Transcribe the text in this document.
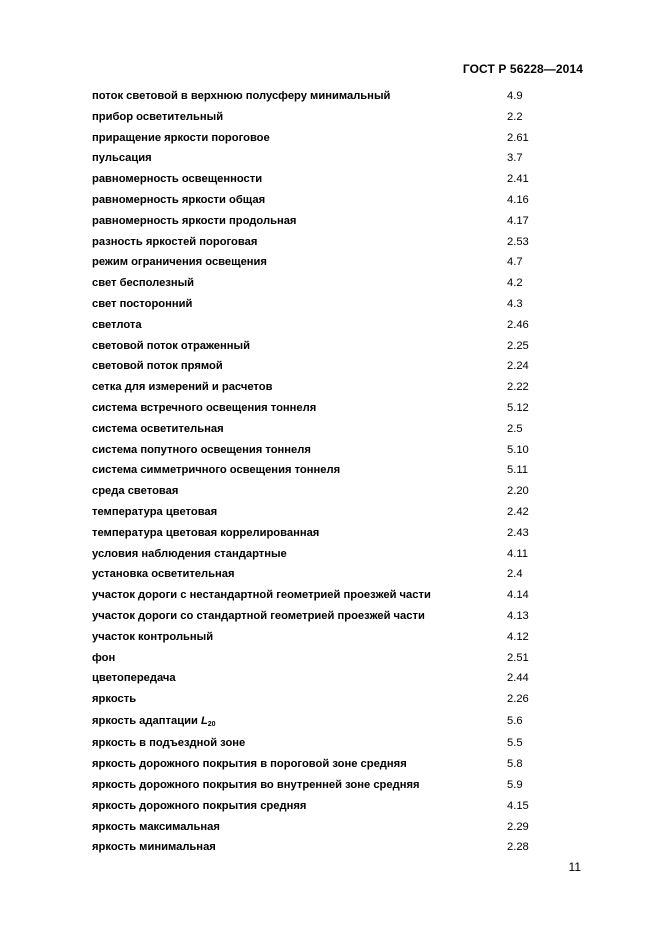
ГОСТ Р 56228—2014
поток световой в верхнюю полусферу минимальный	4.9
прибор осветительный	2.2
приращение яркости пороговое	2.61
пульсация	3.7
равномерность освещенности	2.41
равномерность яркости общая	4.16
равномерность яркости продольная	4.17
разность яркостей пороговая	2.53
режим ограничения освещения	4.7
свет бесполезный	4.2
свет посторонний	4.3
светлота	2.46
световой поток отраженный	2.25
световой поток прямой	2.24
сетка для измерений и расчетов	2.22
система встречного освещения тоннеля	5.12
система осветительная	2.5
система попутного освещения тоннеля	5.10
система симметричного освещения тоннеля	5.11
среда световая	2.20
температура цветовая	2.42
температура цветовая коррелированная	2.43
условия наблюдения стандартные	4.11
установка осветительная	2.4
участок дороги с нестандартной геометрией проезжей части	4.14
участок дороги со стандартной геометрией проезжей части	4.13
участок контрольный	4.12
фон	2.51
цветопередача	2.44
яркость	2.26
яркость адаптации $L_{20}$	5.6
яркость в подъездной зоне	5.5
яркость дорожного покрытия в пороговой зоне средняя	5.8
яркость дорожного покрытия во внутренней зоне средняя	5.9
яркость дорожного покрытия средняя	4.15
яркость максимальная	2.29
яркость минимальная	2.28
11
